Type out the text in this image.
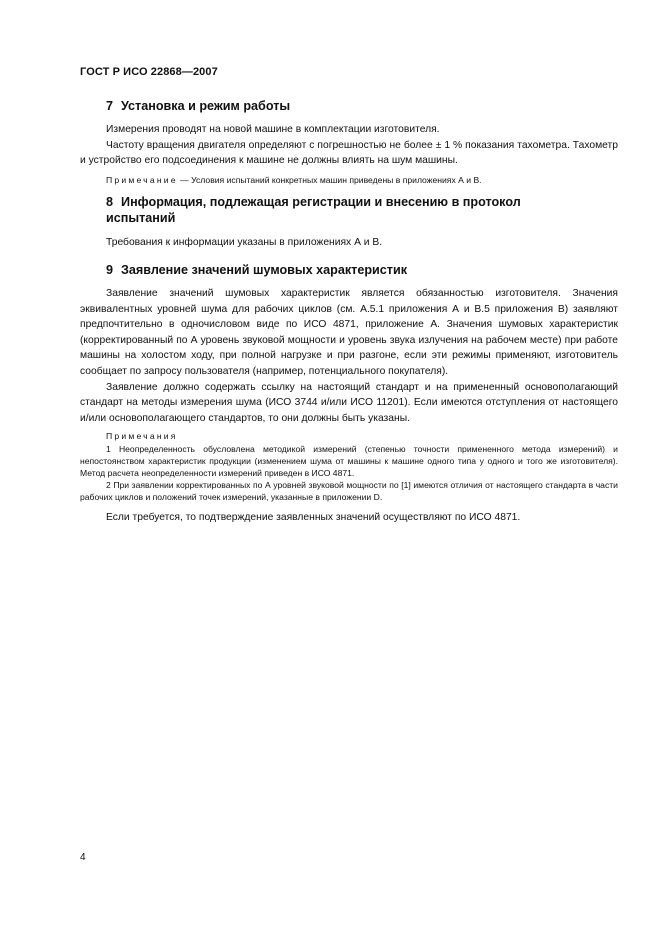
ГОСТ Р ИСО 22868—2007
7 Установка и режим работы

Измерения проводят на новой машине в комплектации изготовителя.

Частоту вращения двигателя определяют с погрешностью не более ± 1 % показания тахометра. Тахометр и устройство его подсоединения к машине не должны влиять на шум машины.

Примечание — Условия испытаний конкретных машин приведены в приложениях А и В.

8 Информация, подлежащая регистрации и внесению в протокол
испытаний

Требования к информации указаны в приложениях А и В.

9 Заявление значений шумовых характеристик

Заявление значений шумовых характеристик является обязанностью изготовителя. Значения эквивалентных уровней шума для рабочих циклов (см. А.5.1 приложения А и В.5 приложения В) заявляют предпочтительно в одночисловом виде по ИСО 4871, приложение А. Значения шумовых характеристик (корректированный по А уровень звуковой мощности и уровень звука излучения на рабочем месте) при работе машины на холостом ходу, при полной нагрузке и при разгоне, если эти режимы применяют, изготовитель сообщает по запросу пользователя (например, потенциального покупателя).

Заявление должно содержать ссылку на настоящий стандарт и на примененный основополагающий стандарт на методы измерения шума (ИСО 3744 и/или ИСО 11201). Если имеются отступления от настоящего и/или основополагающего стандартов, то они должны быть указаны.

Примечания

1 Неопределенность обусловлена методикой измерений (степенью точности примененного метода измерений) и непостоянством характеристик продукции (изменением шума от машины к машине одного типа у одного и того же изготовителя). Метод расчета неопределенности измерений приведен в ИСО 4871.

2 При заявлении корректированных по А уровней звуковой мощности по [1] имеются отличия от настоящего стандарта в части рабочих циклов и положений точек измерений, указанные в приложении D.

Если требуется, то подтверждение заявленных значений осуществляют по ИСО 4871.

4
